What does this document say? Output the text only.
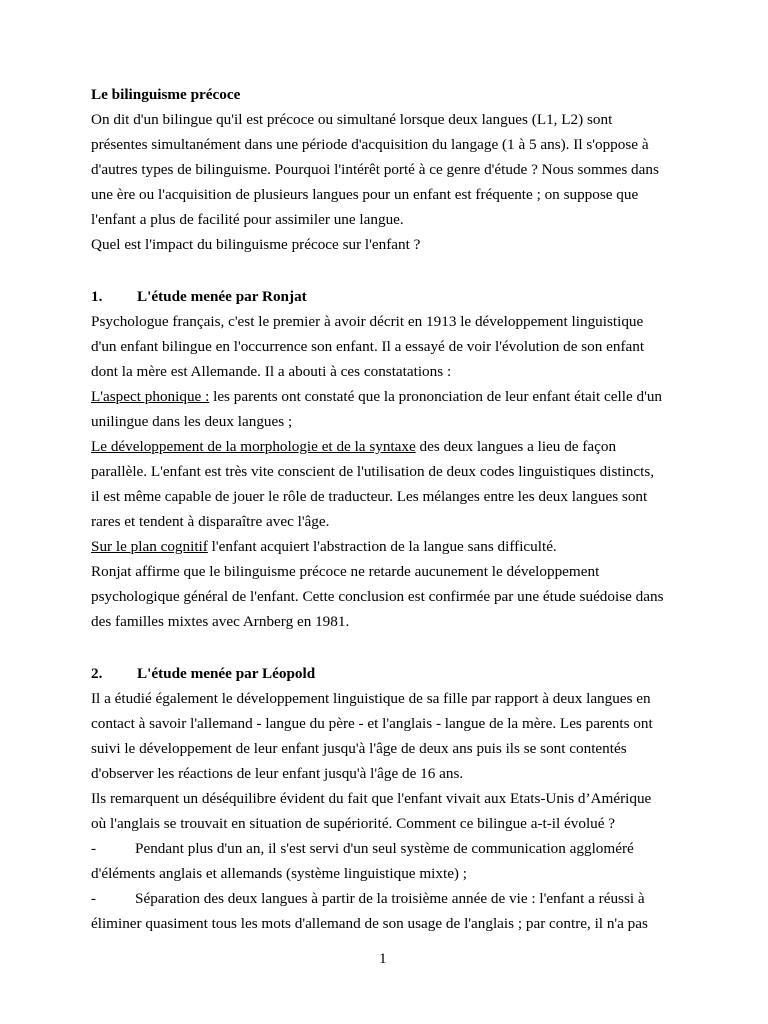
Le bilinguisme précoce
On dit d'un bilingue qu'il est précoce ou simultané lorsque deux langues (L1, L2) sont
présentes simultanément dans une période d'acquisition du langage (1 à 5 ans). Il s'oppose à
d'autres types de bilinguisme. Pourquoi l'intérêt porté à ce genre d'étude ? Nous sommes dans
une ère ou l'acquisition de plusieurs langues pour un enfant est fréquente ; on suppose que
l'enfant a plus de facilité pour assimiler une langue.
Quel est l'impact du bilinguisme précoce sur l'enfant ?
1. L'étude menée par Ronjat
Psychologue français, c'est le premier à avoir décrit en 1913 le développement linguistique
d'un enfant bilingue en l'occurrence son enfant. Il a essayé de voir l'évolution de son enfant
dont la mère est Allemande. Il a abouti à ces constatations :
L'aspect phonique : les parents ont constaté que la prononciation de leur enfant était celle d'un
unilingue dans les deux langues ;
Le développement de la morphologie et de la syntaxe des deux langues a lieu de façon
parallèle. L'enfant est très vite conscient de l'utilisation de deux codes linguistiques distincts,
il est même capable de jouer le rôle de traducteur. Les mélanges entre les deux langues sont
rares et tendent à disparaître avec l'âge.
Sur le plan cognitif l'enfant acquiert l'abstraction de la langue sans difficulté.
Ronjat affirme que le bilinguisme précoce ne retarde aucunement le développement
psychologique général de l'enfant. Cette conclusion est confirmée par une étude suédoise dans
des familles mixtes avec Arnberg en 1981.
2. L'étude menée par Léopold
Il a étudié également le développement linguistique de sa fille par rapport à deux langues en
contact à savoir l'allemand - langue du père - et l'anglais - langue de la mère. Les parents ont
suivi le développement de leur enfant jusqu'à l'âge de deux ans puis ils se sont contentés
d'observer les réactions de leur enfant jusqu'à l'âge de 16 ans.
Ils remarquent un déséquilibre évident du fait que l'enfant vivait aux Etats-Unis d’Amérique
où l'anglais se trouvait en situation de supériorité. Comment ce bilingue a-t-il évolué ?
-	Pendant plus d'un an, il s'est servi d'un seul système de communication aggloméré
d'éléments anglais et allemands (système linguistique mixte) ;
-	Séparation des deux langues à partir de la troisième année de vie : l'enfant a réussi à
éliminer quasiment tous les mots d'allemand de son usage de l'anglais ; par contre, il n'a pas
1
